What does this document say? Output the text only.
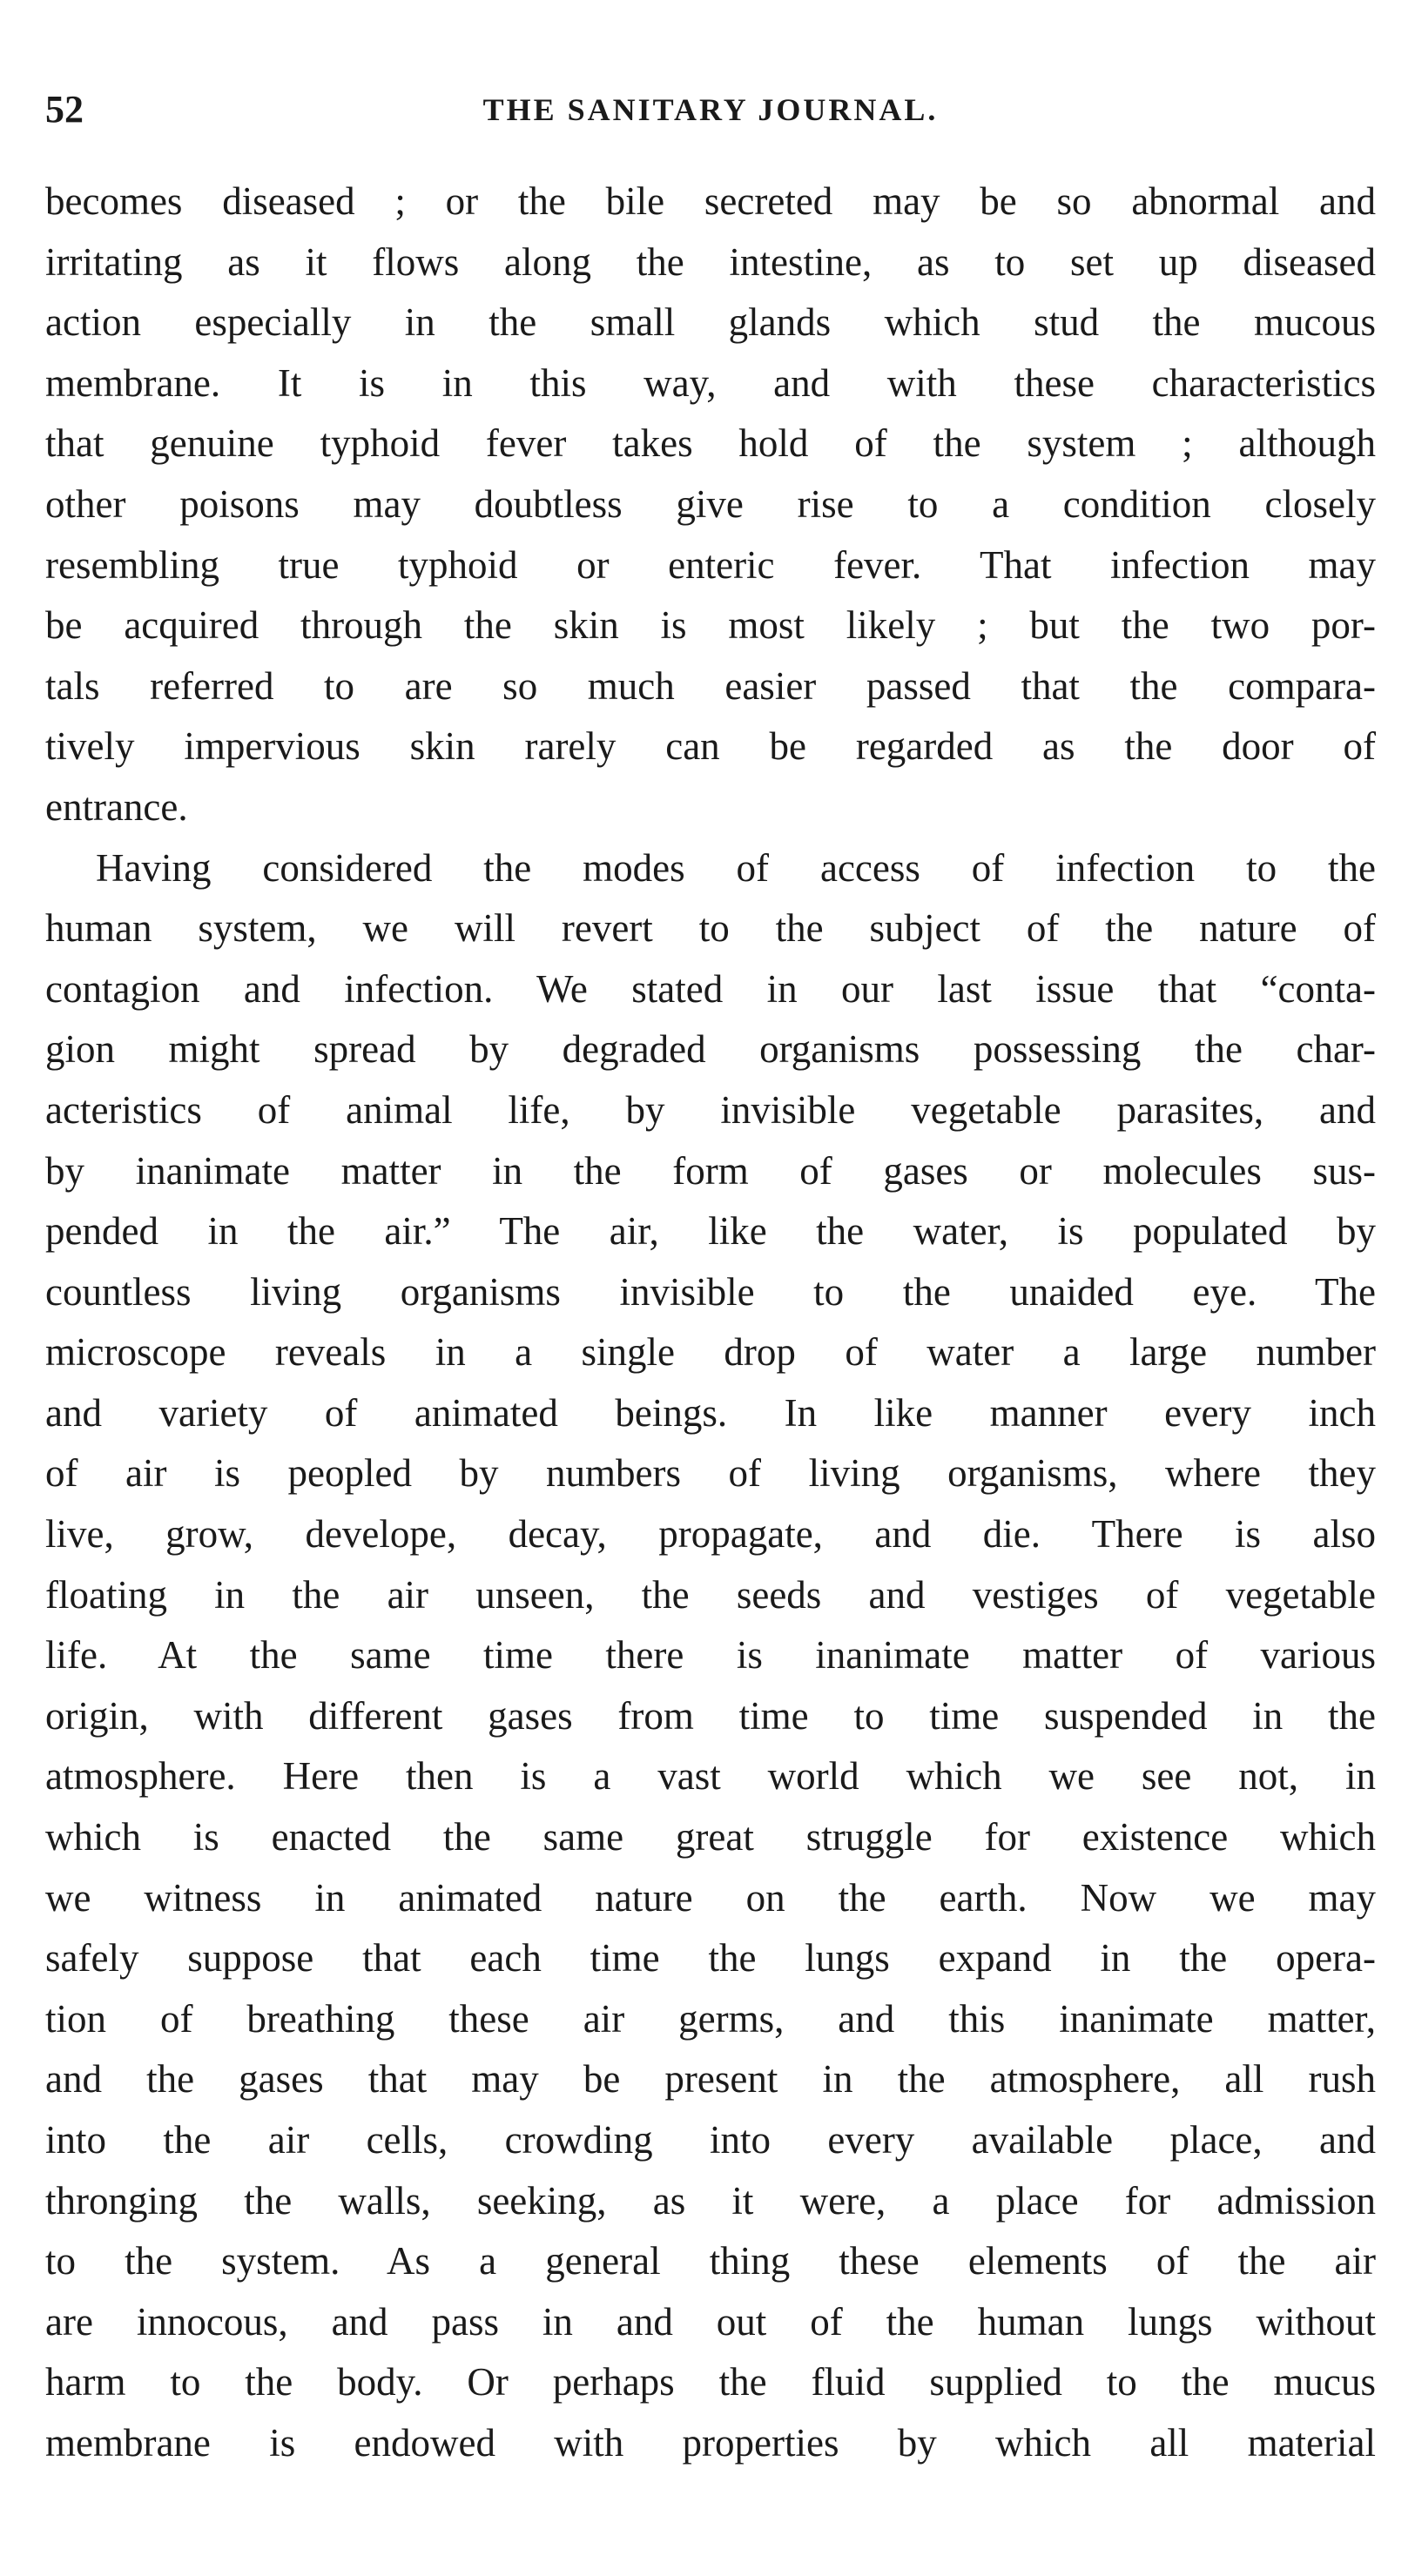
52	THE SANITARY JOURNAL.

becomes diseased ; or the bile secreted may be so abnormal and
irritating as it flows along the intestine, as to set up diseased
action especially in the small glands which stud the mucous
membrane. It is in this way, and with these characteristics
that genuine typhoid fever takes hold of the system ; although
other poisons may doubtless give rise to a condition closely
resembling true typhoid or enteric fever. That infection may
be acquired through the skin is most likely ; but the two por-
tals referred to are so much easier passed that the compara-
tively impervious skin rarely can be regarded as the door of
entrance.

Having considered the modes of access of infection to the
human system, we will revert to the subject of the nature of
contagion and infection. We stated in our last issue that “conta-
gion might spread by degraded organisms possessing the char-
acteristics of animal life, by invisible vegetable parasites, and
by inanimate matter in the form of gases or molecules sus-
pended in the air.” The air, like the water, is populated by
countless living organisms invisible to the unaided eye. The
microscope reveals in a single drop of water a large number
and variety of animated beings. In like manner every inch
of air is peopled by numbers of living organisms, where they
live, grow, develope, decay, propagate, and die. There is also
floating in the air unseen, the seeds and vestiges of vegetable
life. At the same time there is inanimate matter of various
origin, with different gases from time to time suspended in the
atmosphere. Here then is a vast world which we see not, in
which is enacted the same great struggle for existence which
we witness in animated nature on the earth. Now we may
safely suppose that each time the lungs expand in the opera-
tion of breathing these air germs, and this inanimate matter,
and the gases that may be present in the atmosphere, all rush
into the air cells, crowding into every available place, and
thronging the walls, seeking, as it were, a place for admission
to the system. As a general thing these elements of the air
are innocous, and pass in and out of the human lungs without
harm to the body. Or perhaps the fluid supplied to the mucus
membrane is endowed with properties by which all material
